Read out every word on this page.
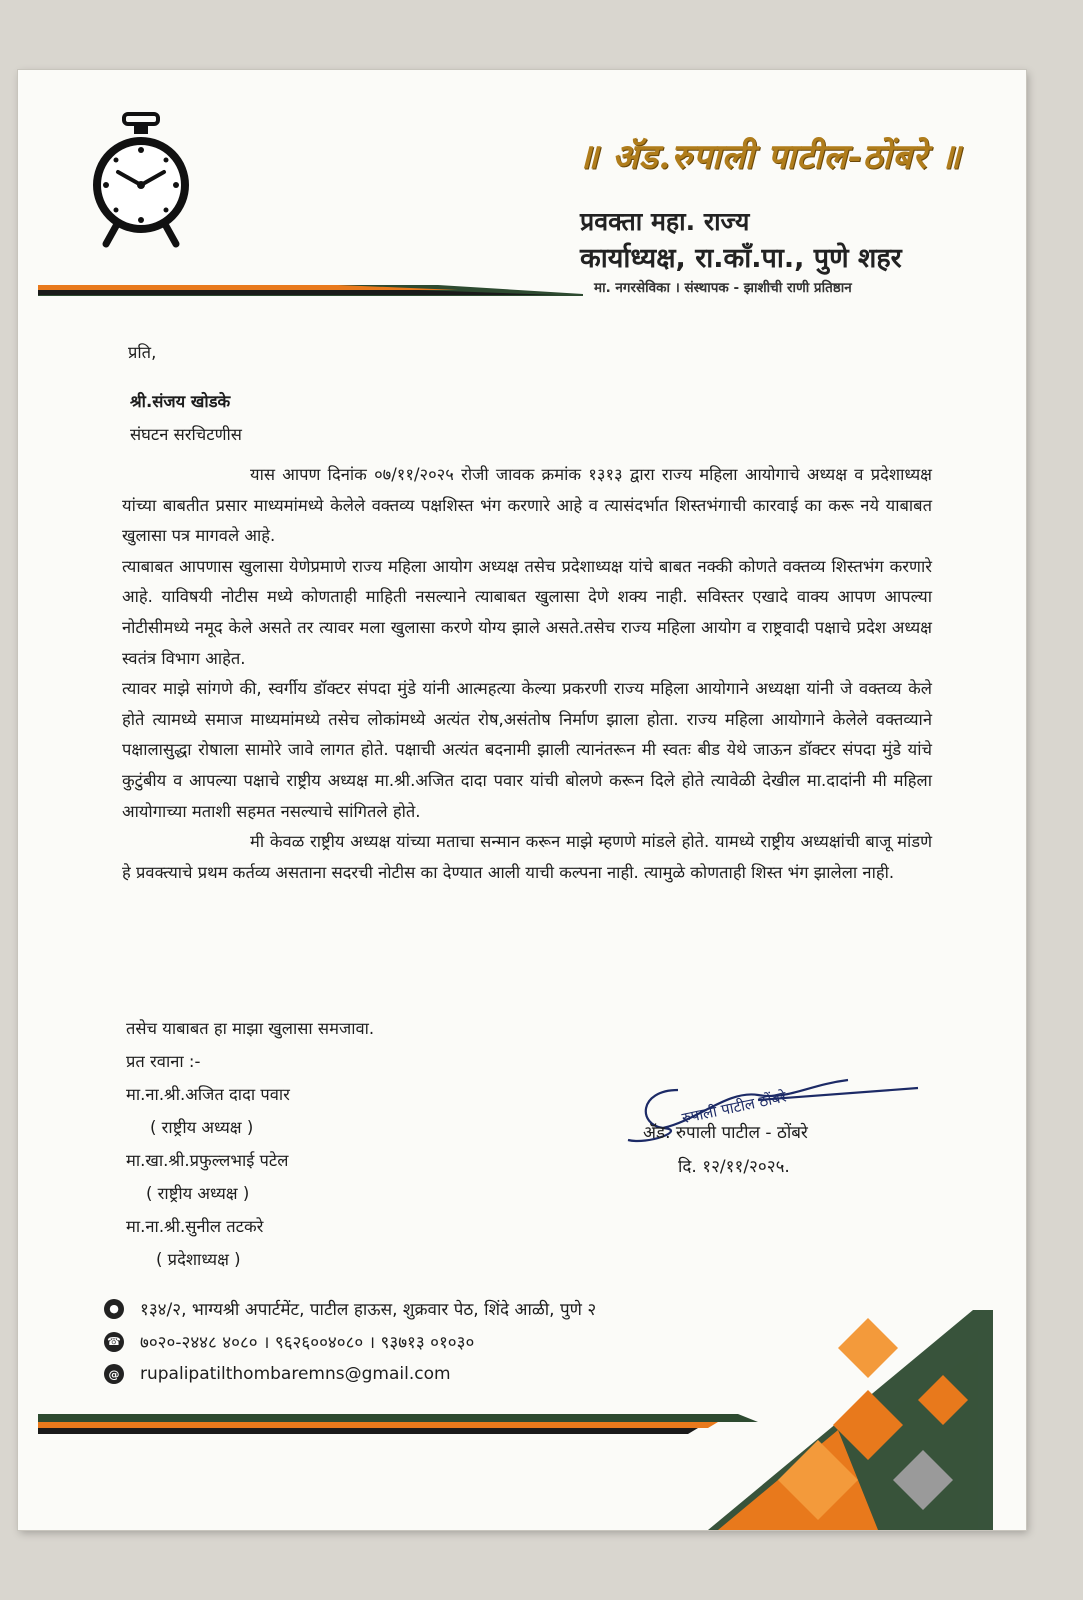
॥ ॲड.रुपाली पाटील-ठोंबरे ॥
प्रवक्ता महा. राज्य
कार्याध्यक्ष, रा.कॉं.पा., पुणे शहर
मा. नगरसेविका । संस्थापक - झाशीची राणी प्रतिष्ठान
प्रति,
श्री.संजय खोडके
संघटन सरचिटणीस

यास आपण दिनांक ०७/११/२०२५ रोजी जावक क्रमांक १३१३ द्वारा राज्य महिला आयोगाचे अध्यक्ष व प्रदेशाध्यक्ष यांच्या बाबतीत प्रसार माध्यमांमध्ये केलेले वक्तव्य पक्षशिस्त भंग करणारे आहे व त्यासंदर्भात शिस्तभंगाची कारवाई का करू नये याबाबत खुलासा पत्र मागवले आहे.

त्याबाबत आपणास खुलासा येणेप्रमाणे राज्य महिला आयोग अध्यक्ष तसेच प्रदेशाध्यक्ष यांचे बाबत नक्की कोणते वक्तव्य शिस्तभंग करणारे आहे. याविषयी नोटीस मध्ये कोणताही माहिती नसल्याने त्याबाबत खुलासा देणे शक्य नाही. सविस्तर एखादे वाक्य आपण आपल्या नोटीसीमध्ये नमूद केले असते तर त्यावर मला खुलासा करणे योग्य झाले असते.तसेच राज्य महिला आयोग व राष्ट्रवादी पक्षाचे प्रदेश अध्यक्ष स्वतंत्र विभाग आहेत.

त्यावर माझे सांगणे की, स्वर्गीय डॉक्टर संपदा मुंडे यांनी आत्महत्या केल्या प्रकरणी राज्य महिला आयोगाने अध्यक्षा यांनी जे वक्तव्य केले होते त्यामध्ये समाज माध्यमांमध्ये तसेच लोकांमध्ये अत्यंत रोष,असंतोष निर्माण झाला होता. राज्य महिला आयोगाने केलेले वक्तव्याने पक्षालासुद्धा रोषाला सामोरे जावे लागत होते. पक्षाची अत्यंत बदनामी झाली त्यानंतरून मी स्वतः बीड येथे जाऊन डॉक्टर संपदा मुंडे यांचे कुटुंबीय व आपल्या पक्षाचे राष्ट्रीय अध्यक्ष मा.श्री.अजित दादा पवार यांची बोलणे करून दिले होते त्यावेळी देखील मा.दादांनी मी महिला आयोगाच्या मताशी सहमत नसल्याचे सांगितले होते.

मी केवळ राष्ट्रीय अध्यक्ष यांच्या मताचा सन्मान करून माझे म्हणणे मांडले होते. यामध्ये राष्ट्रीय अध्यक्षांची बाजू मांडणे हे प्रवक्त्याचे प्रथम कर्तव्य असताना सदरची नोटीस का देण्यात आली याची कल्पना नाही. त्यामुळे कोणताही शिस्त भंग झालेला नाही.

तसेच याबाबत हा माझा खुलासा समजावा.
प्रत रवाना :-
मा.ना.श्री.अजित दादा पवार
( राष्ट्रीय अध्यक्ष )
मा.खा.श्री.प्रफुल्लभाई पटेल
( राष्ट्रीय अध्यक्ष )
मा.ना.श्री.सुनील तटकरे
( प्रदेशाध्यक्ष )
रुपाली पाटील ठोंबरे
ॲड. रुपाली पाटील - ठोंबरे
दि. १२/११/२०२५.
●	१३४/२, भाग्यश्री अपार्टमेंट, पाटील हाऊस, शुक्रवार पेठ, शिंदे आळी, पुणे २
☎ ७०२०-२४४८ ४०८० । ९६२६००४०८० । ९३७१३ ०१०३०
@ rupalipatilthombaremns@gmail.com
